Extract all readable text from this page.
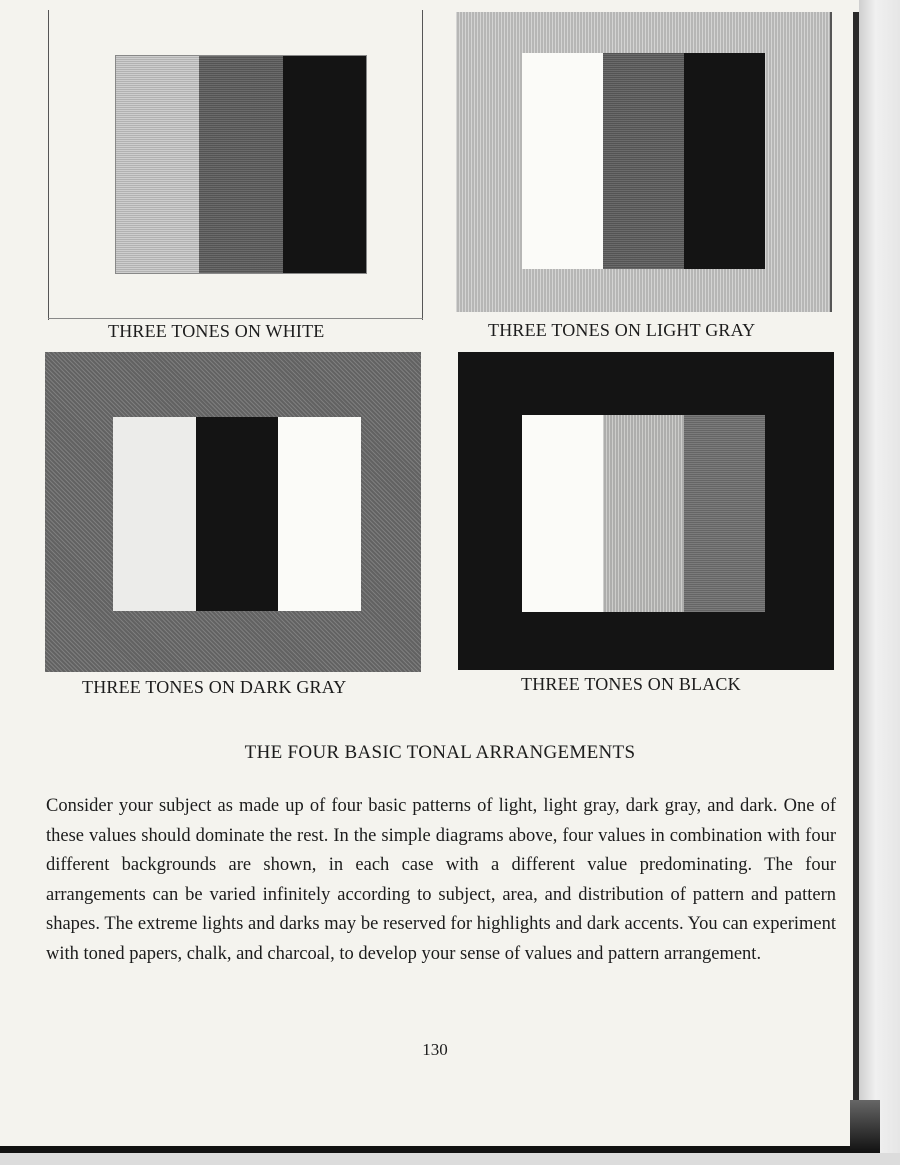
THREE TONES ON WHITE	THREE TONES ON LIGHT GRAY
THREE TONES ON DARK GRAY	THREE TONES ON BLACK
THE FOUR BASIC TONAL ARRANGEMENTS
Consider your subject as made up of four basic patterns of light, light gray, dark gray, and dark. One of these values should dominate the rest. In the simple diagrams above, four values in combination with four different backgrounds are shown, in each case with a different value predominating. The four arrangements can be varied infinitely according to subject, area, and distribution of pattern and pattern shapes. The extreme lights and darks may be reserved for highlights and dark accents. You can experiment with toned papers, chalk, and charcoal, to develop your sense of values and pattern arrangement.
130
